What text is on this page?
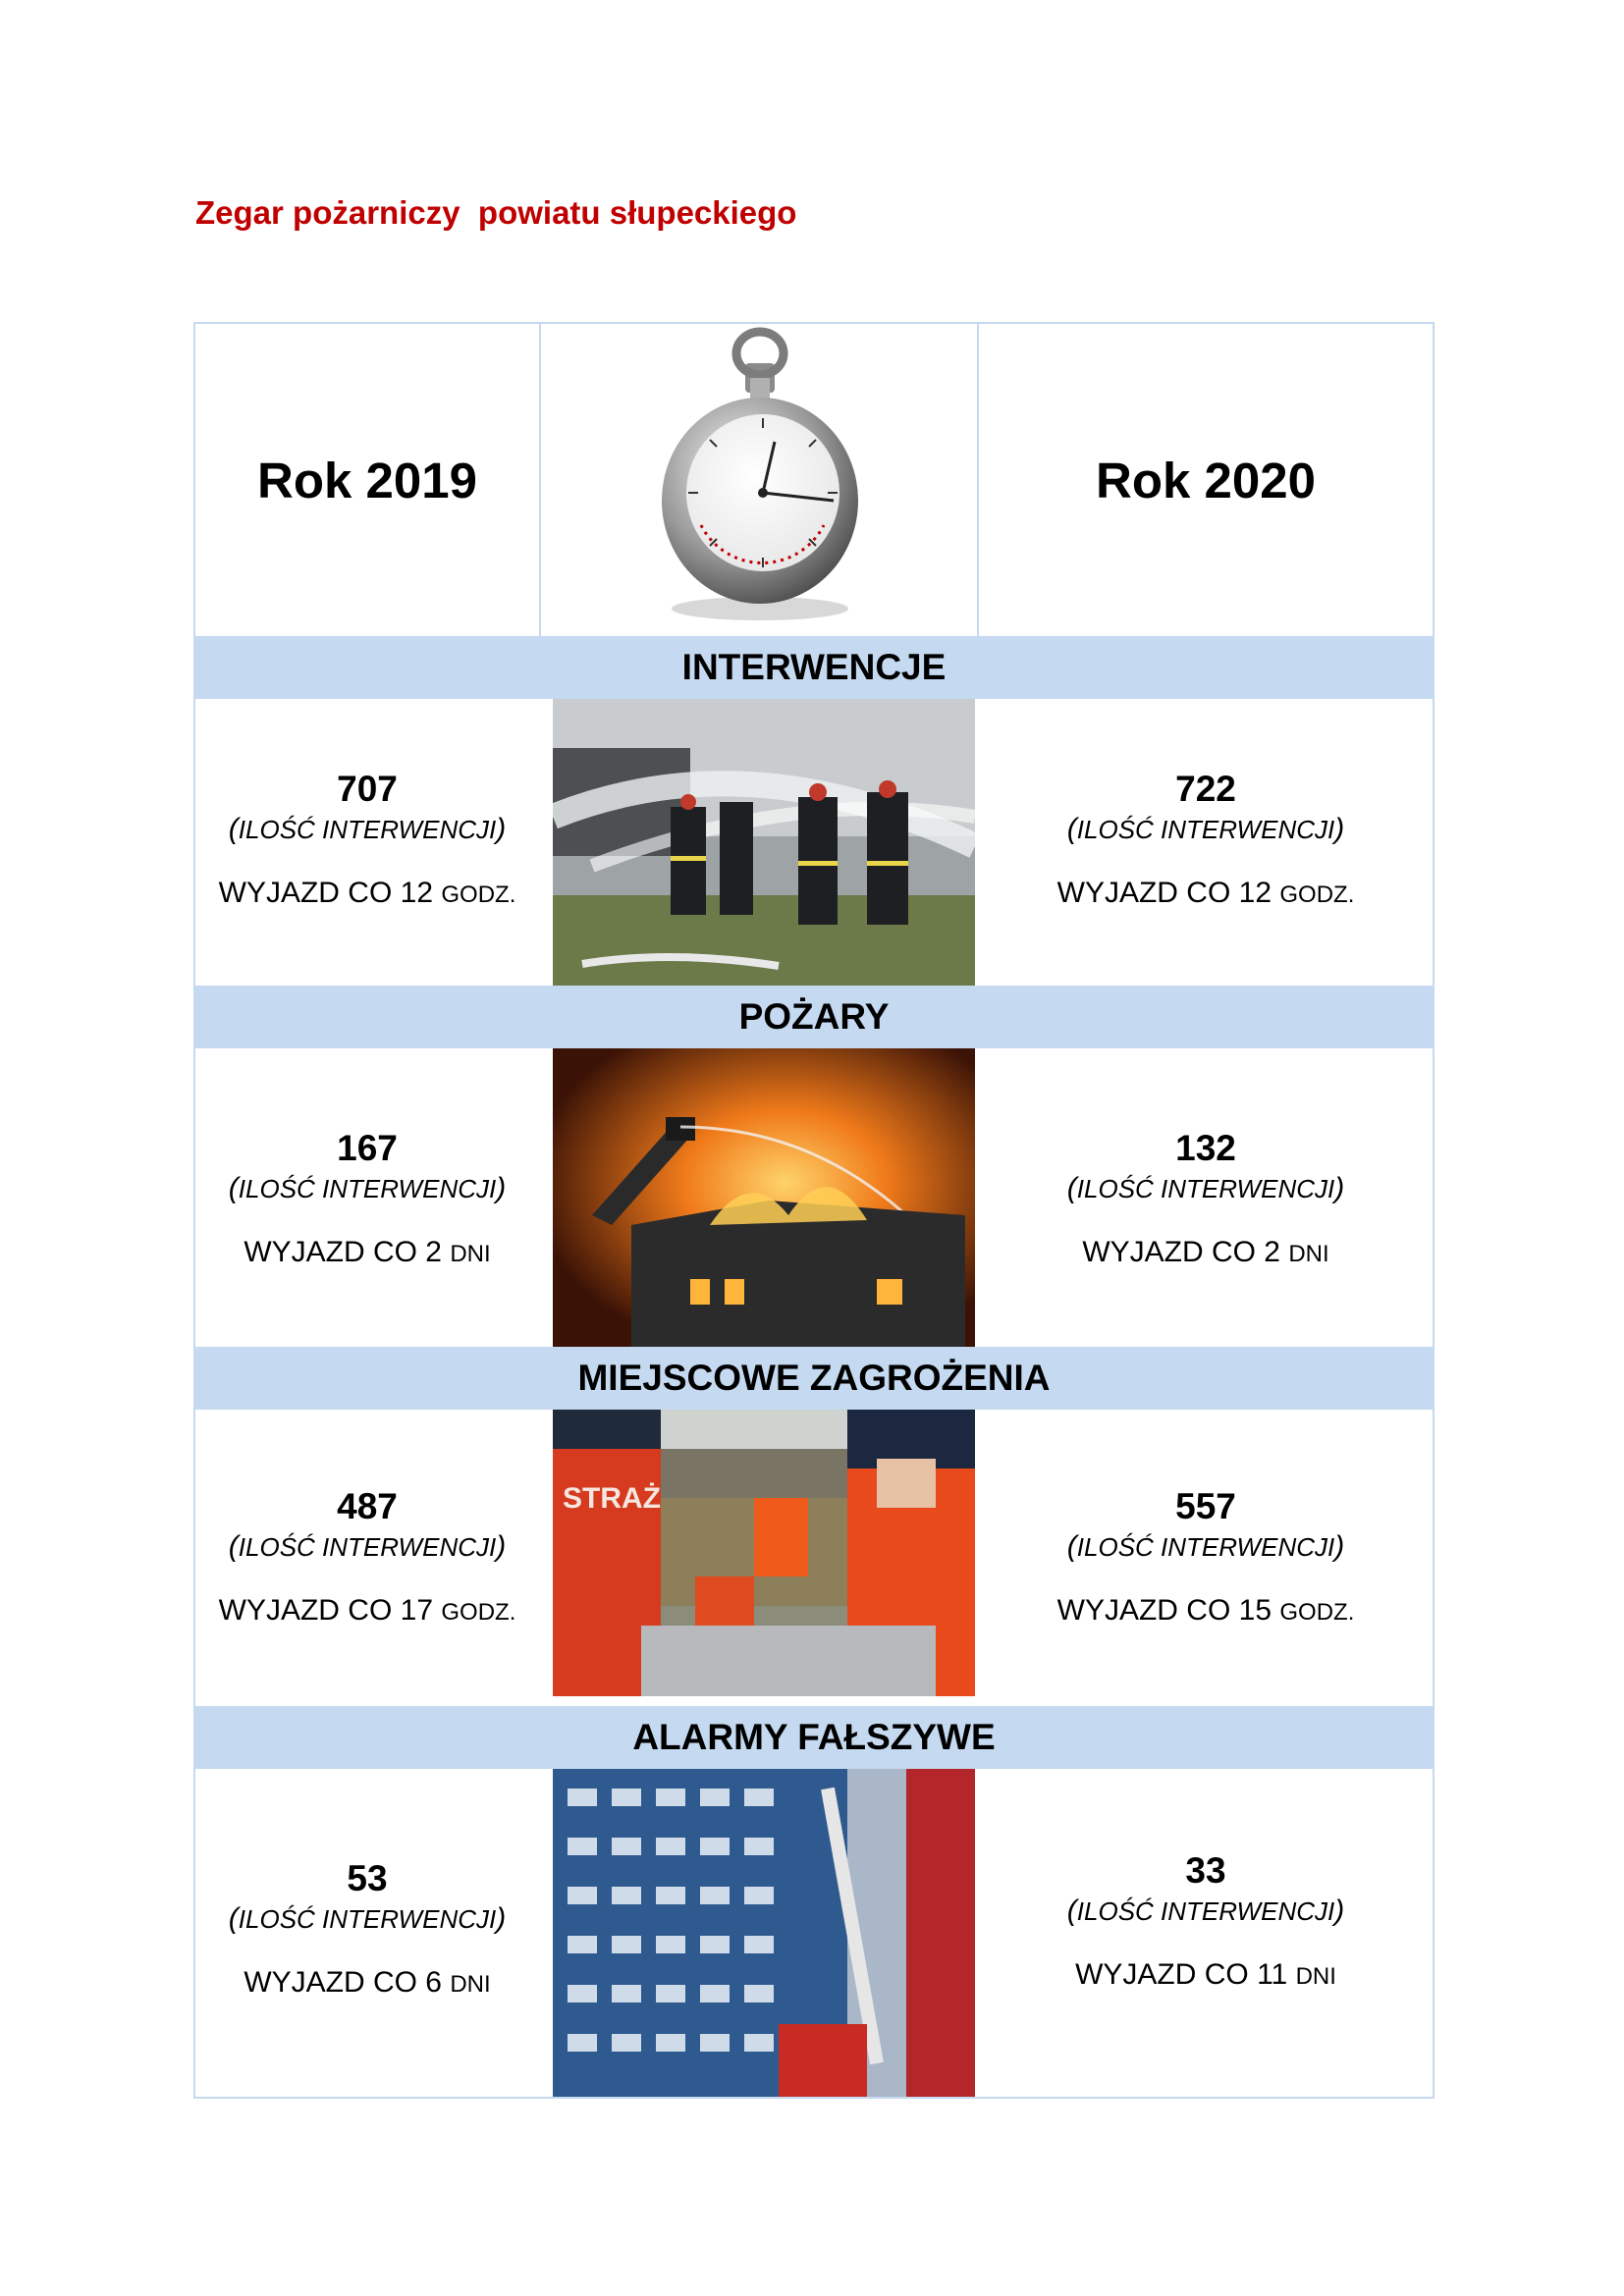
Zegar pożarniczy  powiatu słupeckiego
Rok 2019	Rok 2020
INTERWENCJE
707
(ILOŚĆ INTERWENCJI)
WYJAZD CO 12 GODZ.
722
(ILOŚĆ INTERWENCJI)
WYJAZD CO 12 GODZ.
POŻARY
167
(ILOŚĆ INTERWENCJI)
WYJAZD CO 2 DNI
132
(ILOŚĆ INTERWENCJI)
WYJAZD CO 2 DNI
MIEJSCOWE ZAGROŻENIA
487
(ILOŚĆ INTERWENCJI)
WYJAZD CO 17 GODZ.
STRAŻ	557
(ILOŚĆ INTERWENCJI)
WYJAZD CO 15 GODZ.
ALARMY FAŁSZYWE
53
(ILOŚĆ INTERWENCJI)
WYJAZD CO 6 DNI
33
(ILOŚĆ INTERWENCJI)
WYJAZD CO 11 DNI
